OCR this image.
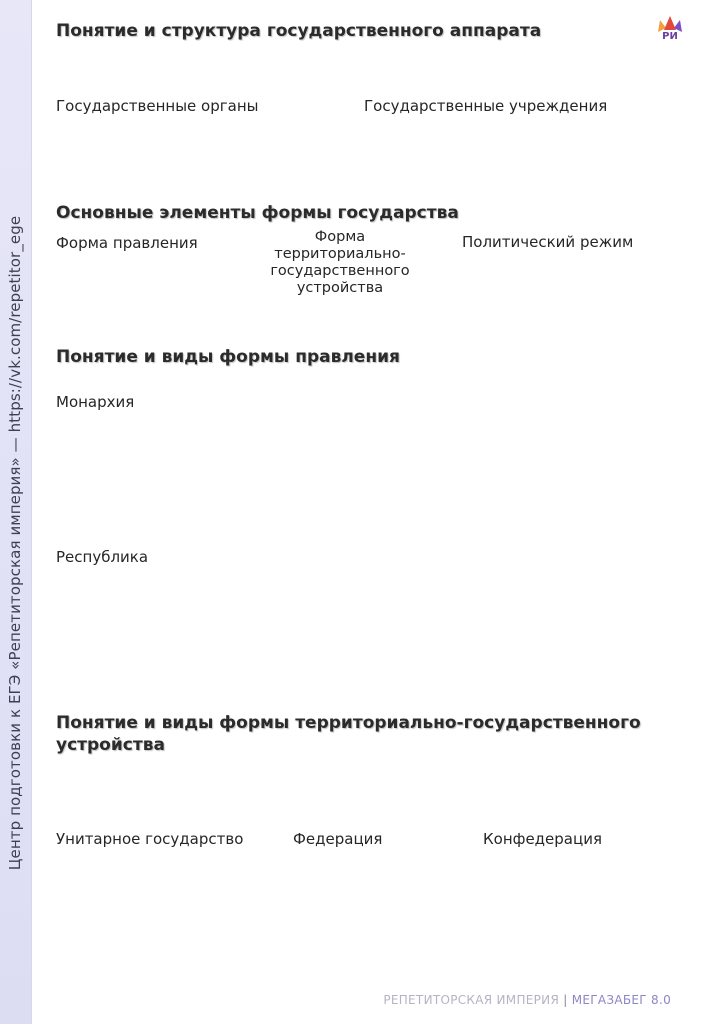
Центр подготовки к ЕГЭ «Репетиторская империя» — https://vk.com/repetitor_ege
РИ
Понятие и структура государственного аппарата
Государственные органы	Государственные учреждения
Основные элементы формы государства
Форма правления	Форма территориально-государственного устройства
Политический режим
Понятие и виды формы правления
Монархия
Республика
Понятие и виды формы территориально-государственного устройства
Унитарное государство	Федерация	Конфедерация
РЕПЕТИТОРСКАЯ ИМПЕРИЯ | МЕГАЗАБЕГ 8.0
